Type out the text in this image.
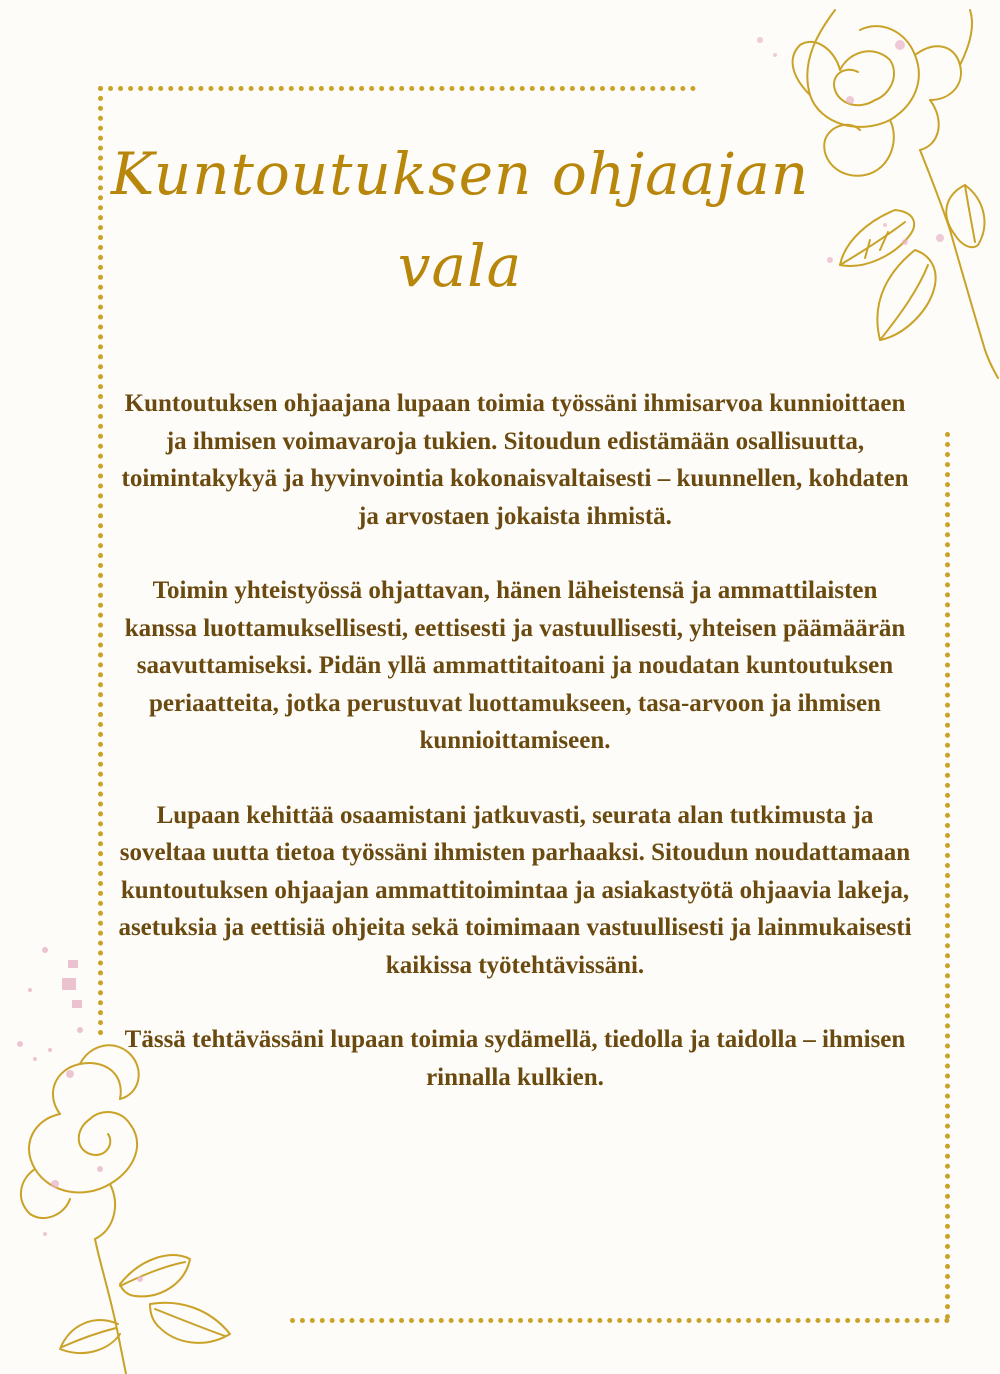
Kuntoutuksen ohjaajan
vala

Kuntoutuksen ohjaajana lupaan toimia työssäni ihmisarvoa kunnioittaen ja ihmisen voimavaroja tukien. Sitoudun edistämään osallisuutta, toimintakykyä ja hyvinvointia kokonaisvaltaisesti – kuunnellen, kohdaten ja arvostaen jokaista ihmistä.

Toimin yhteistyössä ohjattavan, hänen läheistensä ja ammattilaisten kanssa luottamuksellisesti, eettisesti ja vastuullisesti, yhteisen päämäärän saavuttamiseksi. Pidän yllä ammattitaitoani ja noudatan kuntoutuksen periaatteita, jotka perustuvat luottamukseen, tasa-arvoon ja ihmisen kunnioittamiseen.

Lupaan kehittää osaamistani jatkuvasti, seurata alan tutkimusta ja soveltaa uutta tietoa työssäni ihmisten parhaaksi. Sitoudun noudattamaan kuntoutuksen ohjaajan ammattitoimintaa ja asiakastyötä ohjaavia lakeja, asetuksia ja eettisiä ohjeita sekä toimimaan vastuullisesti ja lainmukaisesti kaikissa työtehtävissäni.

Tässä tehtävässäni lupaan toimia sydämellä, tiedolla ja taidolla – ihmisen rinnalla kulkien.
